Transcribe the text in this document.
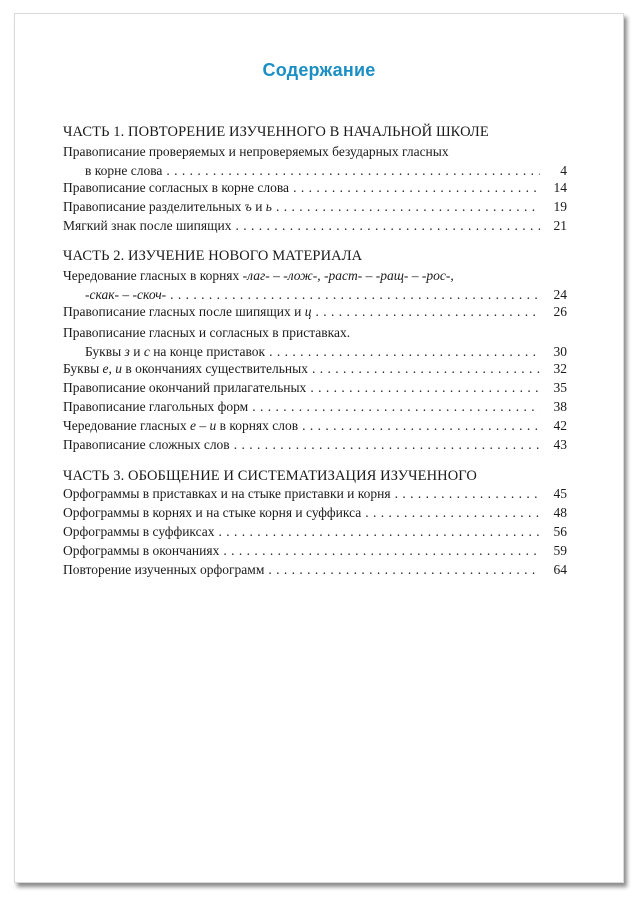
Содержание
ЧАСТЬ 1. ПОВТОРЕНИЕ ИЗУЧЕННОГО В НАЧАЛЬНОЙ ШКОЛЕ
Правописание проверяемых и непроверяемых безударных гласных
в корне слова . . .	4
Правописание согласных в корне слова . . .	14
Правописание разделительных ъ и ь . . .	19
Мягкий знак после шипящих . . .	21
ЧАСТЬ 2. ИЗУЧЕНИЕ НОВОГО МАТЕРИАЛА
Чередование гласных в корнях -лаг- – -лож-, -раст- – -ращ- – -рос-,
-скак- – -скоч- . . .	24
Правописание гласных после шипящих и ц . . .	26
Правописание гласных и согласных в приставках.
Буквы з и с на конце приставок . . .	30
Буквы е, и в окончаниях существительных . . .	32
Правописание окончаний прилагательных . . .	35
Правописание глагольных форм . . .	38
Чередование гласных е – и в корнях слов . . .	42
Правописание сложных слов . . .	43
ЧАСТЬ 3. ОБОБЩЕНИЕ И СИСТЕМАТИЗАЦИЯ ИЗУЧЕННОГО
Орфограммы в приставках и на стыке приставки и корня . . .	45
Орфограммы в корнях и на стыке корня и суффикса . . .	48
Орфограммы в суффиксах . . .	56
Орфограммы в окончаниях . . .	59
Повторение изученных орфограмм . . .	64
